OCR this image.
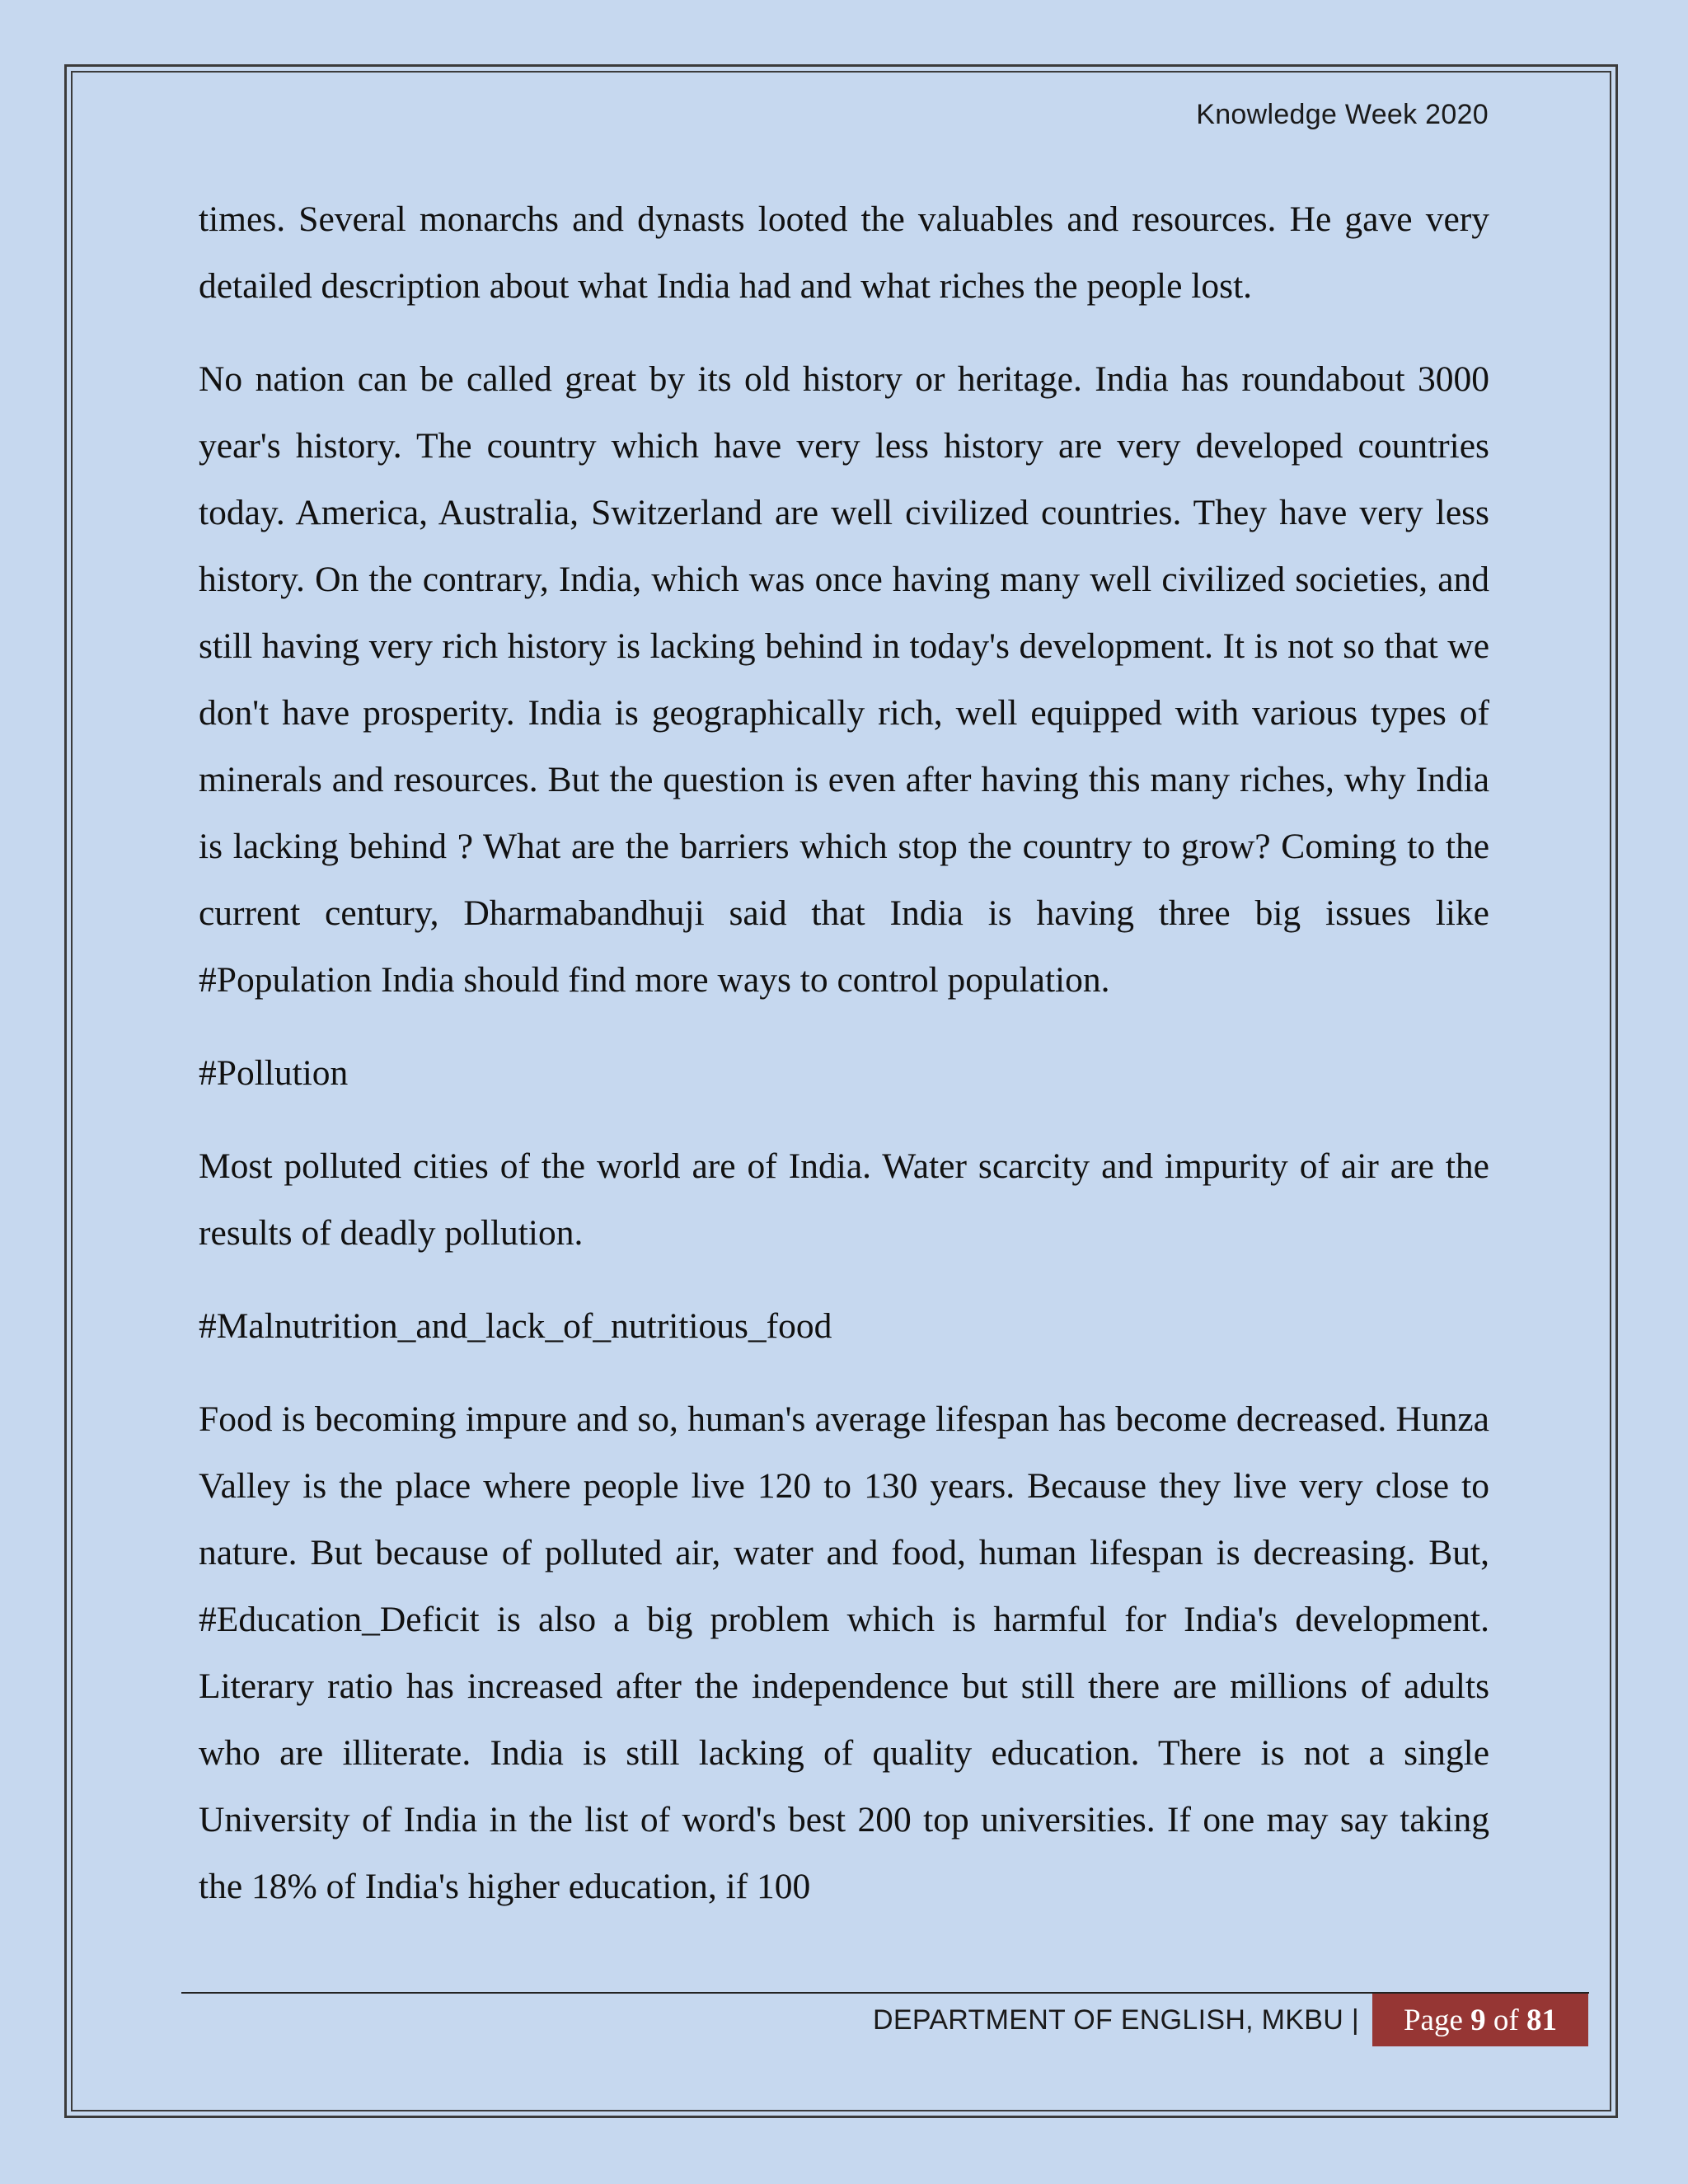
Knowledge Week 2020

times. Several monarchs and dynasts looted the valuables and resources. He gave very detailed description about what India had and what riches the people lost.

No nation can be called great by its old history or heritage. India has roundabout 3000 year's history. The country which have very less history are very developed countries today. America, Australia, Switzerland are well civilized countries. They have very less history. On the contrary, India, which was once having many well civilized societies, and still having very rich history is lacking behind in today's development. It is not so that we don't have prosperity. India is geographically rich, well equipped with various types of minerals and resources. But the question is even after having this many riches, why India is lacking behind ? What are the barriers which stop the country to grow? Coming to the current century, Dharmabandhuji said that India is having three big issues like #Population India should find more ways to control population.

#Pollution

Most polluted cities of the world are of India. Water scarcity and impurity of air are the results of deadly pollution.

#Malnutrition_and_lack_of_nutritious_food

Food is becoming impure and so, human's average lifespan has become decreased. Hunza Valley is the place where people live 120 to 130 years. Because they live very close to nature. But because of polluted air, water and food, human lifespan is decreasing. But, #Education_Deficit is also a big problem which is harmful for India's development. Literary ratio has increased after the independence but still there are millions of adults who are illiterate. India is still lacking of quality education. There is not a single University of India in the list of word's best 200 top universities. If one may say taking the 18% of India's higher education, if 100

DEPARTMENT OF ENGLISH, MKBU | Page 9 of 81
